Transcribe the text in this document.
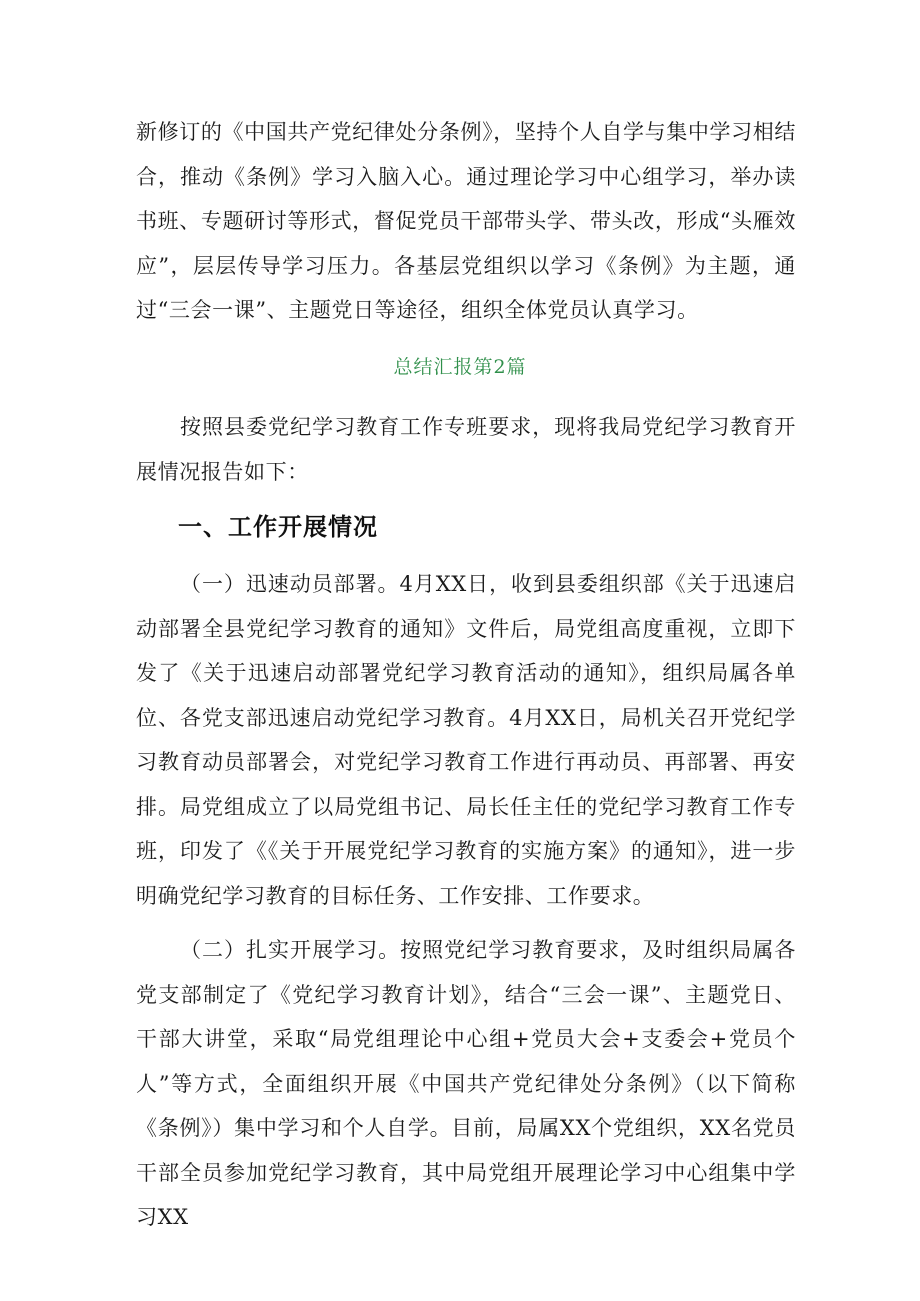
新修订的《中国共产党纪律处分条例》，坚持个人自学与集中学习相结合，推动《条例》学习入脑入心。通过理论学习中心组学习，举办读书班、专题研讨等形式，督促党员干部带头学、带头改，形成“头雁效应”，层层传导学习压力。各基层党组织以学习《条例》为主题，通过“三会一课”、主题党日等途径，组织全体党员认真学习。

总结汇报第2篇

按照县委党纪学习教育工作专班要求，现将我局党纪学习教育开展情况报告如下：

一、工作开展情况

（一）迅速动员部署。4月XX日，收到县委组织部《关于迅速启动部署全县党纪学习教育的通知》文件后，局党组高度重视，立即下发了《关于迅速启动部署党纪学习教育活动的通知》，组织局属各单位、各党支部迅速启动党纪学习教育。4月XX日，局机关召开党纪学习教育动员部署会，对党纪学习教育工作进行再动员、再部署、再安排。局党组成立了以局党组书记、局长任主任的党纪学习教育工作专班，印发了《《关于开展党纪学习教育的实施方案》的通知》，进一步明确党纪学习教育的目标任务、工作安排、工作要求。

（二）扎实开展学习。按照党纪学习教育要求，及时组织局属各党支部制定了《党纪学习教育计划》，结合“三会一课”、主题党日、干部大讲堂，采取“局党组理论中心组+党员大会+支委会+党员个人”等方式，全面组织开展《中国共产党纪律处分条例》（以下简称《条例》）集中学习和个人自学。目前，局属XX个党组织，XX名党员干部全员参加党纪学习教育，其中局党组开展理论学习中心组集中学习XX
